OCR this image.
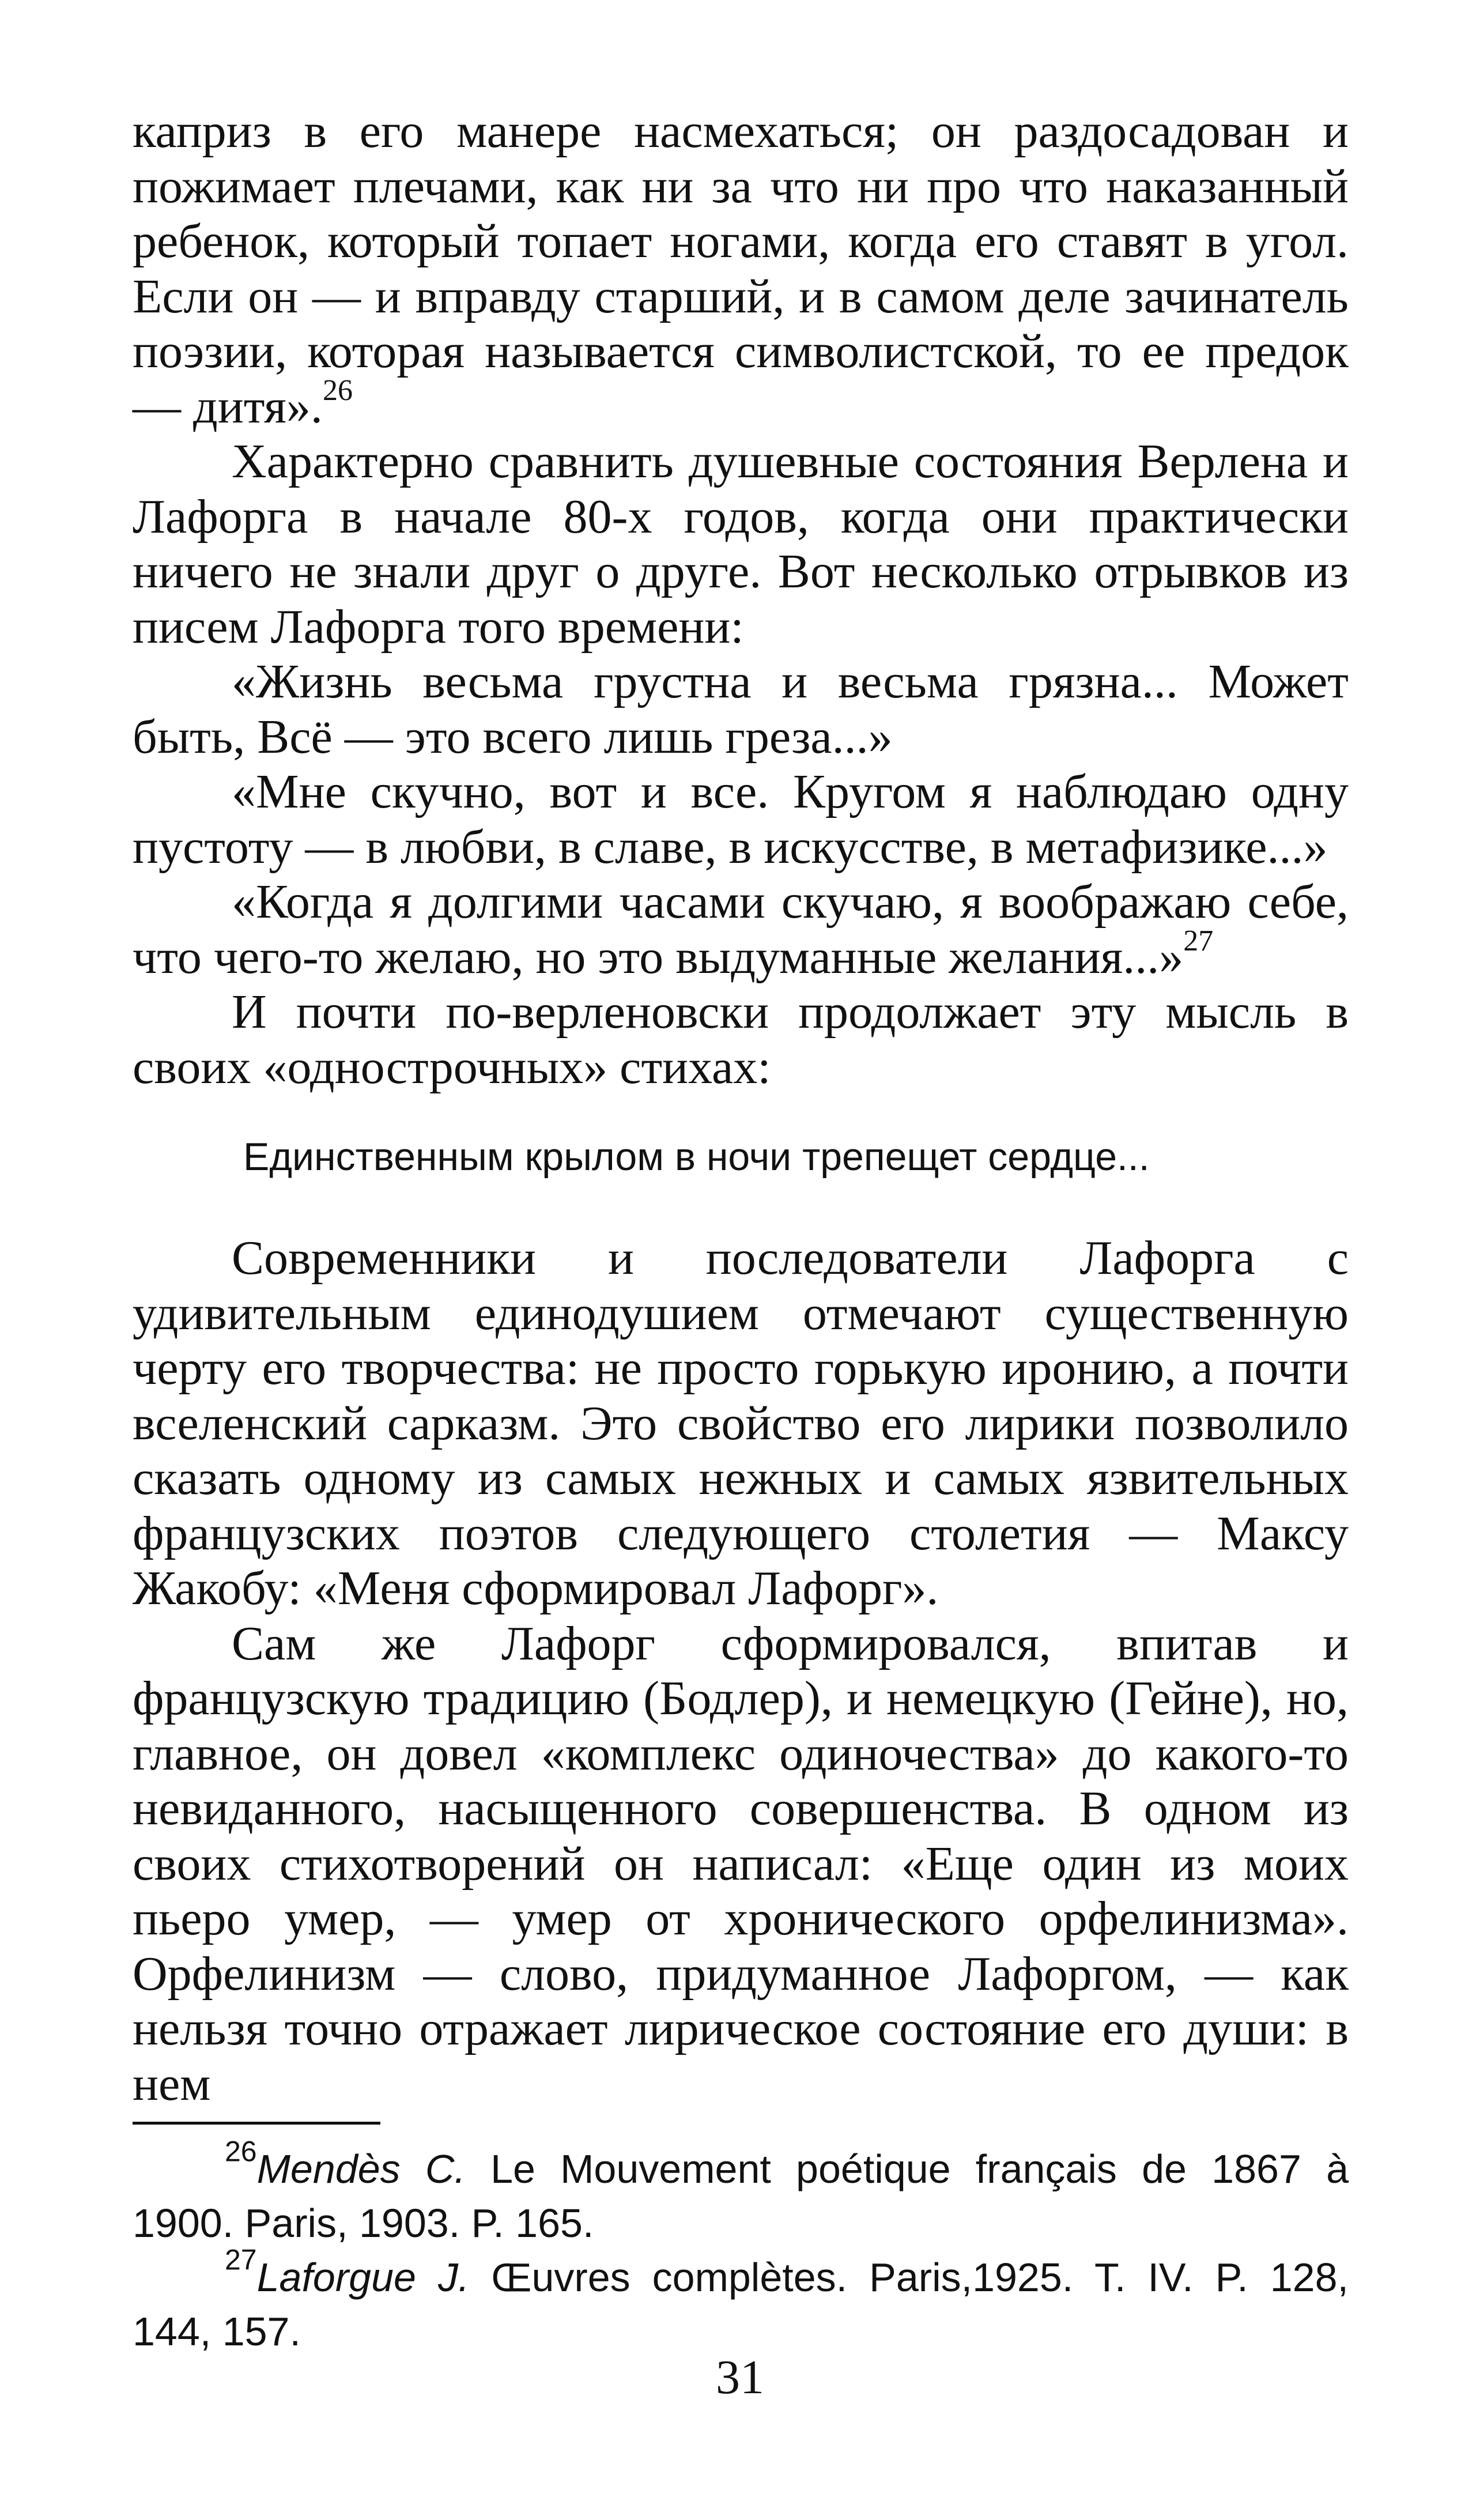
каприз в его манере насмехаться; он раздосадован и пожимает плечами, как ни за что ни про что наказанный ребенок, который топает ногами, когда его ставят в угол. Если он — и вправду старший, и в самом деле зачинатель поэзии, которая называется символистской, то ее предок — дитя».$^{26}$

Характерно сравнить душевные состояния Верлена и Лафорга в начале 80-х годов, когда они практически ничего не знали друг о друге. Вот несколько отрывков из писем Лафорга того времени:

«Жизнь весьма грустна и весьма грязна... Может быть, Всё — это всего лишь греза...»

«Мне скучно, вот и все. Кругом я наблюдаю одну пустоту — в любви, в славе, в искусстве, в метафизике...»

«Когда я долгими часами скучаю, я воображаю себе, что чего-то желаю, но это выдуманные желания...»$^{27}$

И почти по-верленовски продолжает эту мысль в своих «однострочных» стихах:

Единственным крылом в ночи трепещет сердце...

Современники и последователи Лафорга с удивительным единодушием отмечают существенную черту его творчества: не просто горькую иронию, а почти вселенский сарказм. Это свойство его лирики позволило сказать одному из самых нежных и самых язвительных французских поэтов следующего столетия — Максу Жакобу: «Меня сформировал Лафорг».

Сам же Лафорг сформировался, впитав и французскую традицию (Бодлер), и немецкую (Гейне), но, главное, он довел «комплекс одиночества» до какого-то невиданного, насыщенного совершенства. В одном из своих стихотворений он написал: «Еще один из моих пьеро умер, — умер от хронического орфелинизма». Орфелинизм — слово, придуманное Лафоргом, — как нельзя точно отражает лирическое состояние его души: в нем

$^{26}$Mendès C. Le Mouvement poétique français de 1867 à 1900. Paris, 1903. P. 165.

$^{27}$Laforgue J. Œuvres complètes. Paris,1925. T. IV. P. 128, 144, 157.

31
